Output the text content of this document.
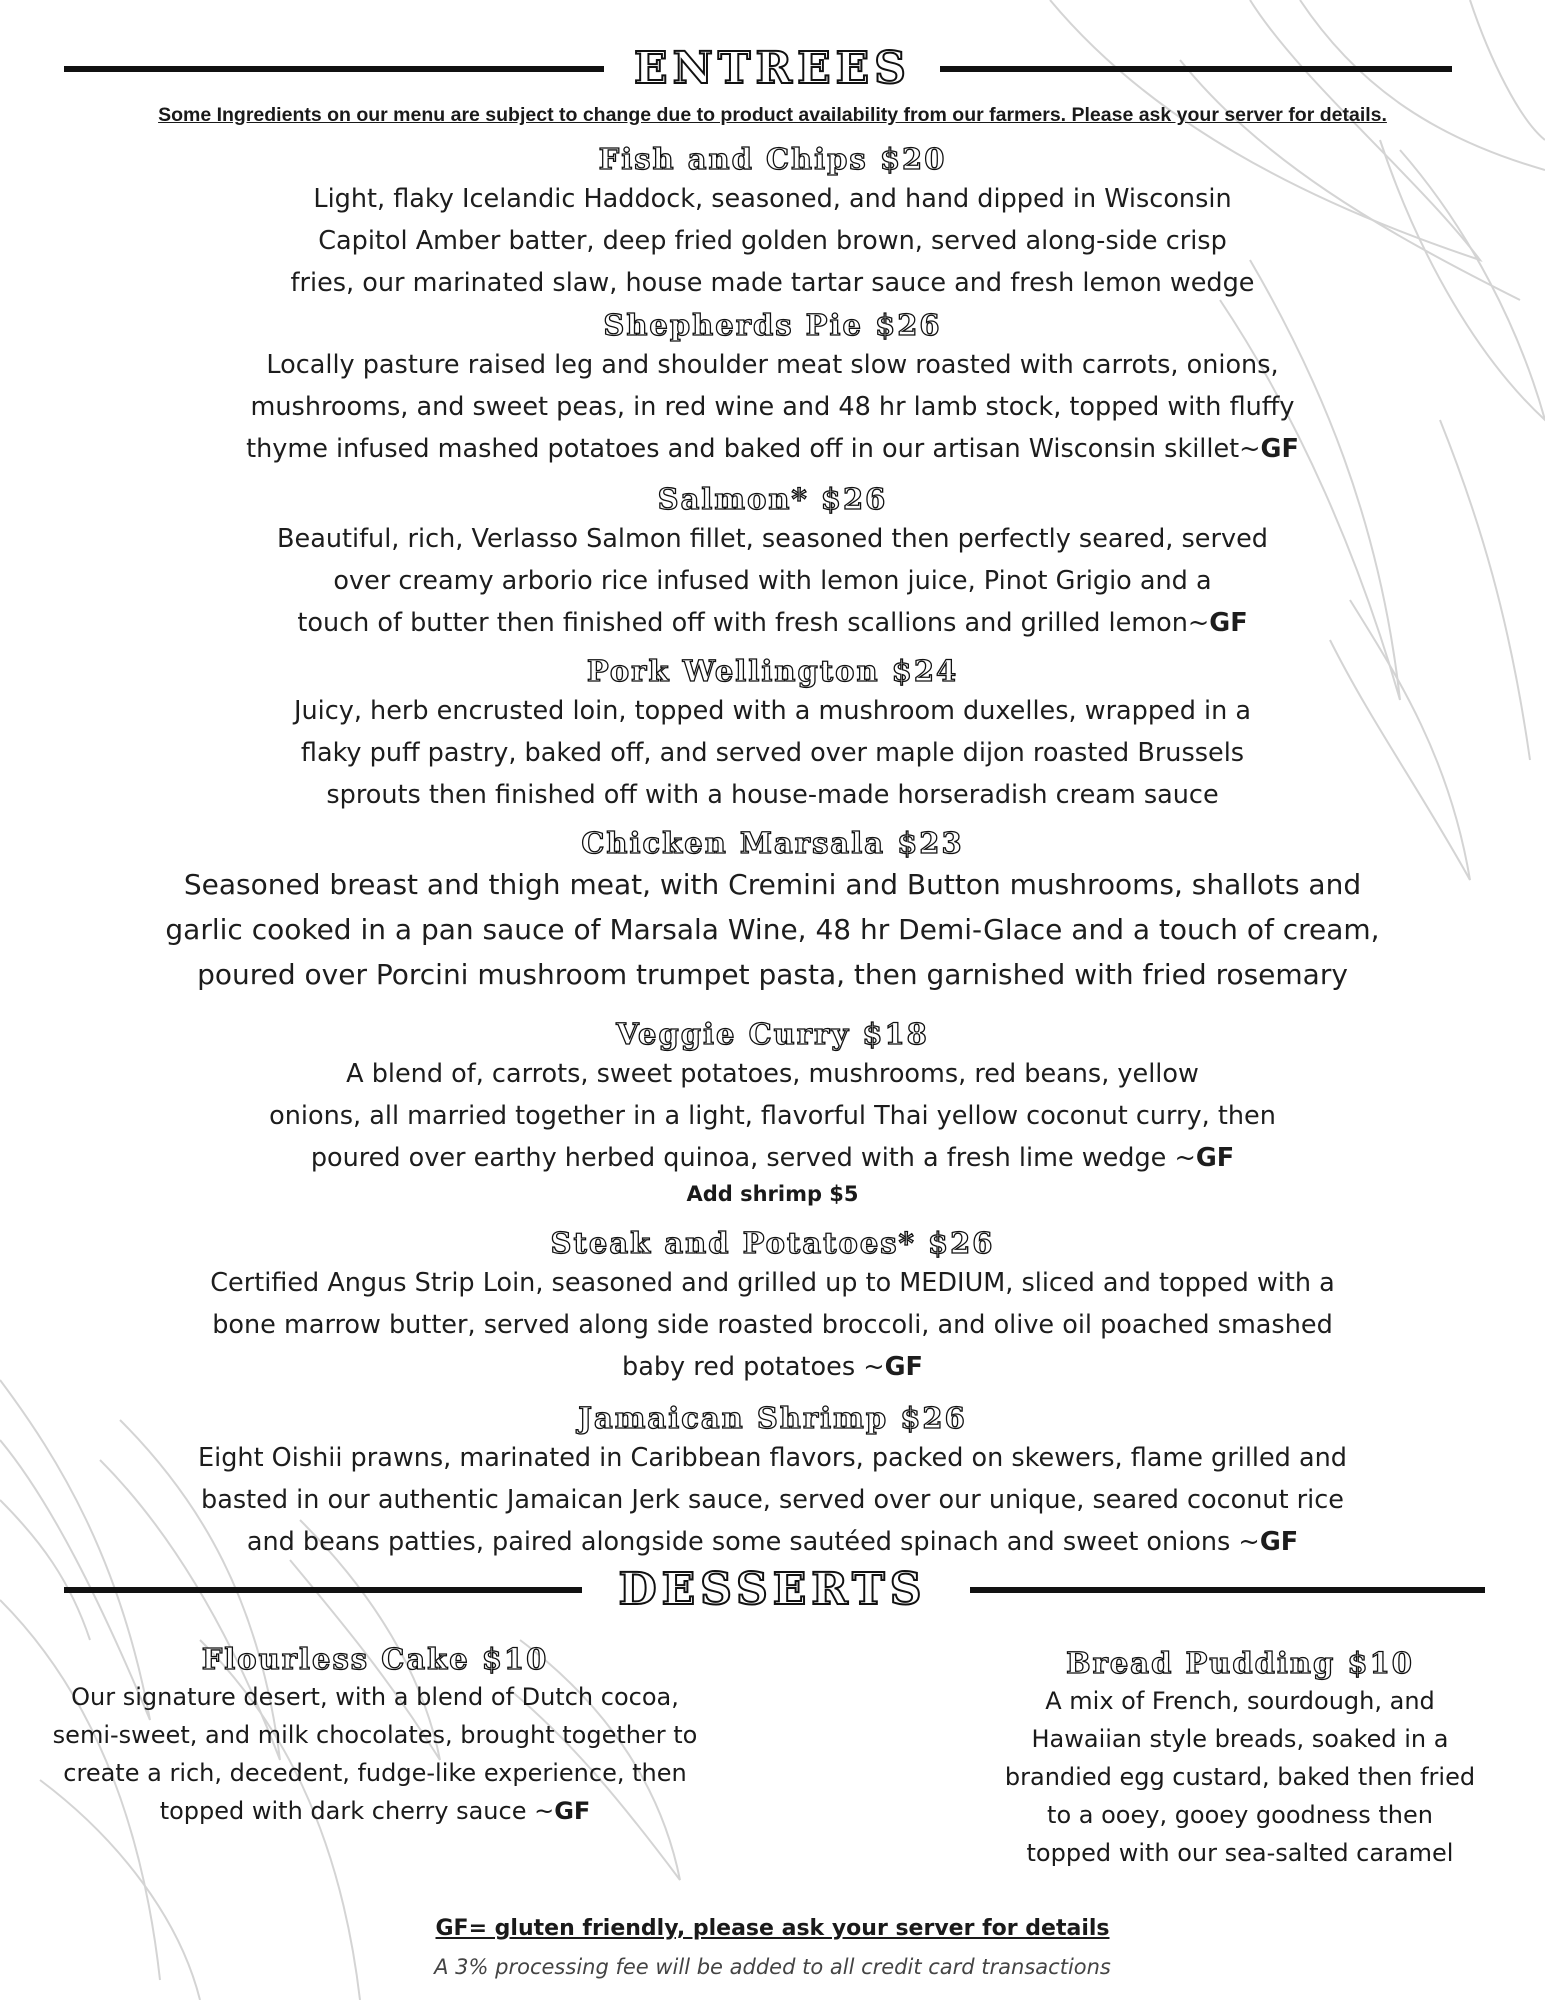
ENTREES
Some Ingredients on our menu are subject to change due to product availability from our farmers. Please ask your server for details.
Fish and Chips $20
Light, flaky Icelandic Haddock, seasoned, and hand dipped in Wisconsin
Capitol Amber batter, deep fried golden brown, served along-side crisp
fries, our marinated slaw, house made tartar sauce and fresh lemon wedge
Shepherds Pie $26
Locally pasture raised leg and shoulder meat slow roasted with carrots, onions,
mushrooms, and sweet peas, in red wine and 48 hr lamb stock, topped with fluffy
thyme infused mashed potatoes and baked off in our artisan Wisconsin skillet~GF
Salmon* $26
Beautiful, rich, Verlasso Salmon fillet, seasoned then perfectly seared, served
over creamy arborio rice infused with lemon juice, Pinot Grigio and a
touch of butter then finished off with fresh scallions and grilled lemon~GF
Pork Wellington $24
Juicy, herb encrusted loin, topped with a mushroom duxelles, wrapped in a
flaky puff pastry, baked off, and served over maple dijon roasted Brussels
sprouts then finished off with a house-made horseradish cream sauce
Chicken Marsala $23
Seasoned breast and thigh meat, with Cremini and Button mushrooms, shallots and
garlic cooked in a pan sauce of Marsala Wine, 48 hr Demi-Glace and a touch of cream,
poured over Porcini mushroom trumpet pasta, then garnished with fried rosemary
Veggie Curry $18
A blend of, carrots, sweet potatoes, mushrooms, red beans, yellow
onions, all married together in a light, flavorful Thai yellow coconut curry, then
poured over earthy herbed quinoa, served with a fresh lime wedge ~GF
Add shrimp $5
Steak and Potatoes* $26
Certified Angus Strip Loin, seasoned and grilled up to MEDIUM, sliced and topped with a
bone marrow butter, served along side roasted broccoli, and olive oil poached smashed
baby red potatoes ~GF
Jamaican Shrimp $26
Eight Oishii prawns, marinated in Caribbean flavors, packed on skewers, flame grilled and
basted in our authentic Jamaican Jerk sauce, served over our unique, seared coconut rice
and beans patties, paired alongside some sautéed spinach and sweet onions ~GF
DESSERTS
Flourless Cake $10
Our signature desert, with a blend of Dutch cocoa,
semi-sweet, and milk chocolates, brought together to
create a rich, decedent, fudge-like experience, then
topped with dark cherry sauce ~GF
Bread Pudding $10
A mix of French, sourdough, and
Hawaiian style breads, soaked in a
brandied egg custard, baked then fried
to a ooey, gooey goodness then
topped with our sea-salted caramel
GF= gluten friendly, please ask your server for details
A 3% processing fee will be added to all credit card transactions
